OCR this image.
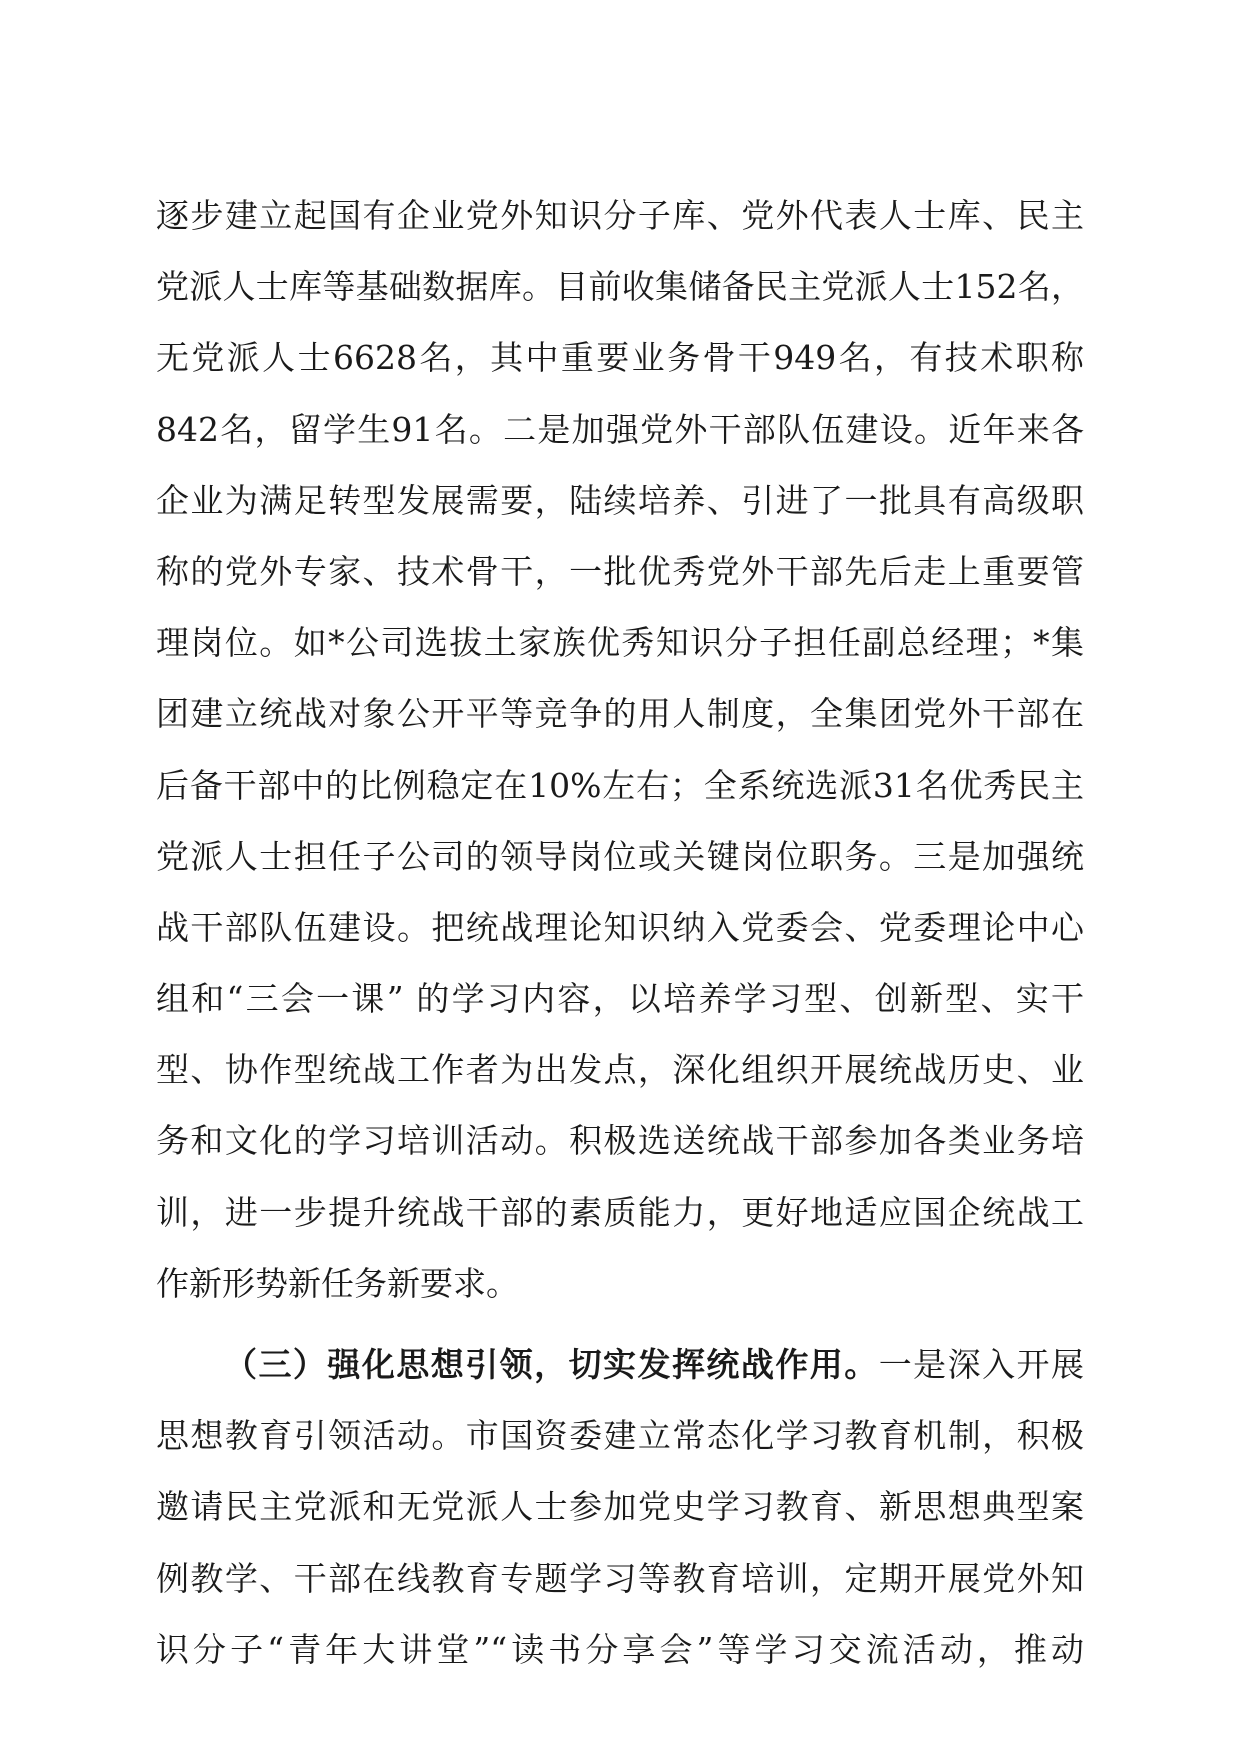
逐步建立起国有企业党外知识分子库、党外代表人士库、民主
党派人士库等基础数据库。目前收集储备民主党派人士152名，
无党派人士6628名，其中重要业务骨干949名，有技术职称
842名，留学生91名。二是加强党外干部队伍建设。近年来各
企业为满足转型发展需要，陆续培养、引进了一批具有高级职
称的党外专家、技术骨干，一批优秀党外干部先后走上重要管
理岗位。如*公司选拔土家族优秀知识分子担任副总经理；*集
团建立统战对象公开平等竞争的用人制度，全集团党外干部在
后备干部中的比例稳定在10%左右；全系统选派31名优秀民主
党派人士担任子公司的领导岗位或关键岗位职务。三是加强统
战干部队伍建设。把统战理论知识纳入党委会、党委理论中心
组和“三会一课” 的学习内容，以培养学习型、创新型、实干
型、协作型统战工作者为出发点，深化组织开展统战历史、业
务和文化的学习培训活动。积极选送统战干部参加各类业务培
训，进一步提升统战干部的素质能力，更好地适应国企统战工
作新形势新任务新要求。
（三）强化思想引领，切实发挥统战作用。一是深入开展
思想教育引领活动。市国资委建立常态化学习教育机制，积极
邀请民主党派和无党派人士参加党史学习教育、新思想典型案
例教学、干部在线教育专题学习等教育培训，定期开展党外知
识分子“青年大讲堂”“读书分享会”等学习交流活动，推动
